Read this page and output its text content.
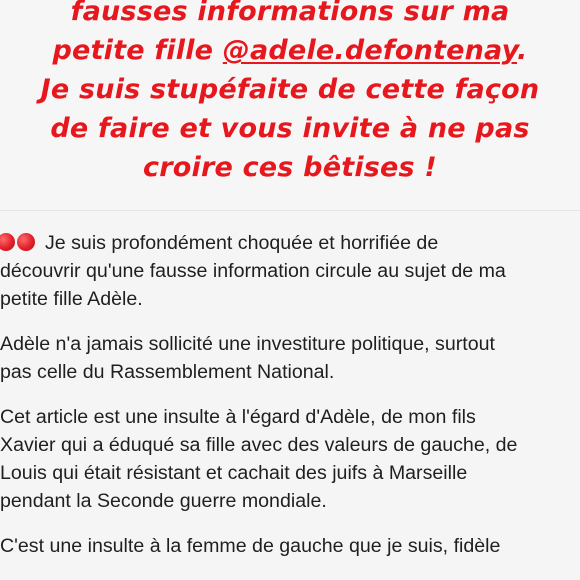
fausses informations sur ma
petite fille @adele.defontenay.
Je suis stupéfaite de cette façon
de faire et vous invite à ne pas
croire ces bêtises !
Je suis profondément choquée et horrifiée de
découvrir qu'une fausse information circule au sujet de ma
petite fille Adèle.
Adèle n'a jamais sollicité une investiture politique, surtout
pas celle du Rassemblement National.
Cet article est une insulte à l'égard d'Adèle, de mon fils
Xavier qui a éduqué sa fille avec des valeurs de gauche, de
Louis qui était résistant et cachait des juifs à Marseille
pendant la Seconde guerre mondiale.
C'est une insulte à la femme de gauche que je suis, fidèle
